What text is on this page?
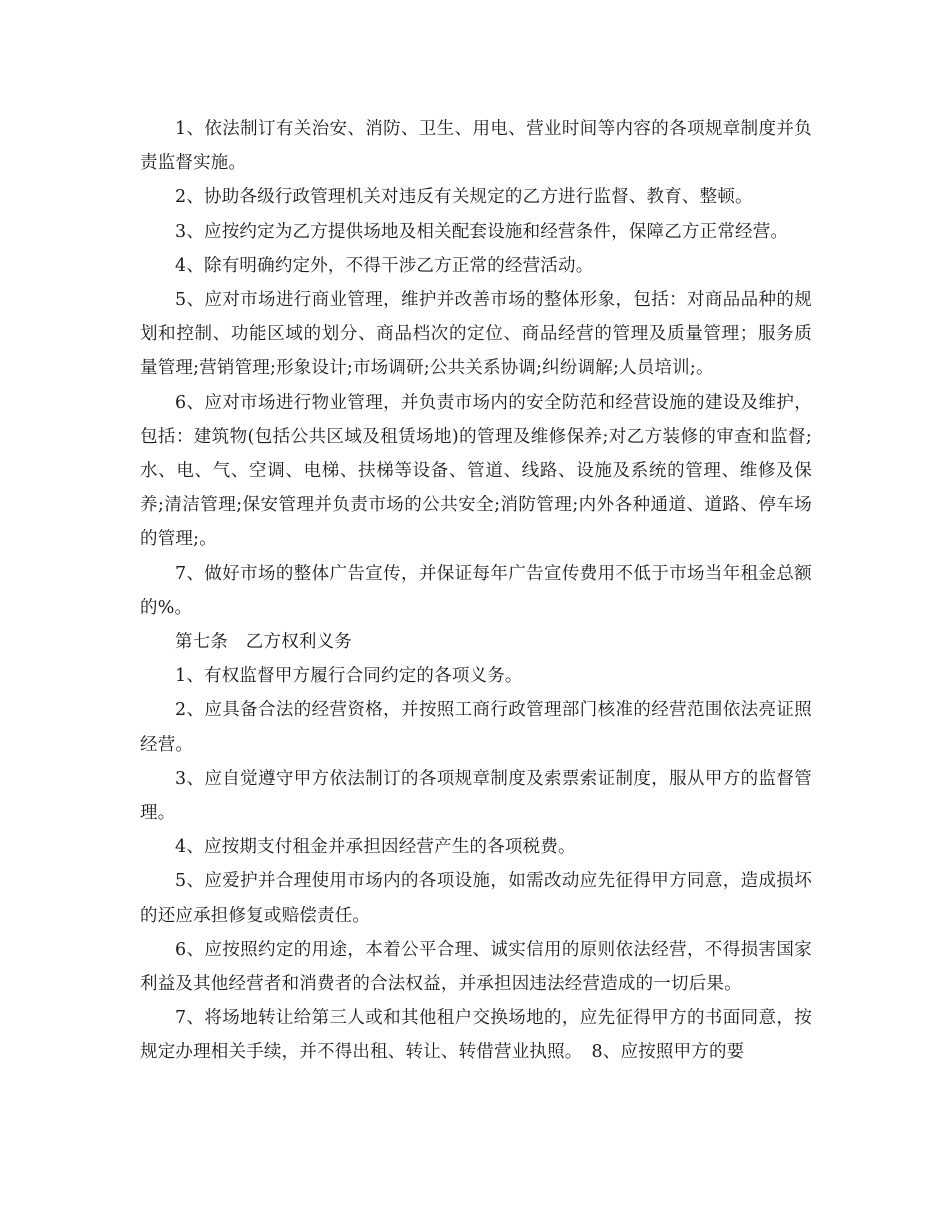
1、依法制订有关治安、消防、卫生、用电、营业时间等内容的各项规章制度并负责监督实施。

2、协助各级行政管理机关对违反有关规定的乙方进行监督、教育、整顿。

3、应按约定为乙方提供场地及相关配套设施和经营条件，保障乙方正常经营。

4、除有明确约定外，不得干涉乙方正常的经营活动。

5、应对市场进行商业管理，维护并改善市场的整体形象，包括：对商品品种的规划和控制、功能区域的划分、商品档次的定位、商品经营的管理及质量管理；服务质量管理;营销管理;形象设计;市场调研;公共关系协调;纠纷调解;人员培训;。

6、应对市场进行物业管理，并负责市场内的安全防范和经营设施的建设及维护，包括：建筑物(包括公共区域及租赁场地)的管理及维修保养;对乙方装修的审查和监督;水、电、气、空调、电梯、扶梯等设备、管道、线路、设施及系统的管理、维修及保养;清洁管理;保安管理并负责市场的公共安全;消防管理;内外各种通道、道路、停车场的管理;。

7、做好市场的整体广告宣传，并保证每年广告宣传费用不低于市场当年租金总额的%。

第七条　乙方权利义务

1、有权监督甲方履行合同约定的各项义务。

2、应具备合法的经营资格，并按照工商行政管理部门核准的经营范围依法亮证照经营。

3、应自觉遵守甲方依法制订的各项规章制度及索票索证制度，服从甲方的监督管理。

4、应按期支付租金并承担因经营产生的各项税费。

5、应爱护并合理使用市场内的各项设施，如需改动应先征得甲方同意，造成损坏的还应承担修复或赔偿责任。

6、应按照约定的用途，本着公平合理、诚实信用的原则依法经营，不得损害国家利益及其他经营者和消费者的合法权益，并承担因违法经营造成的一切后果。

7、将场地转让给第三人或和其他租户交换场地的，应先征得甲方的书面同意，按规定办理相关手续，并不得出租、转让、转借营业执照。　8、应按照甲方的要
